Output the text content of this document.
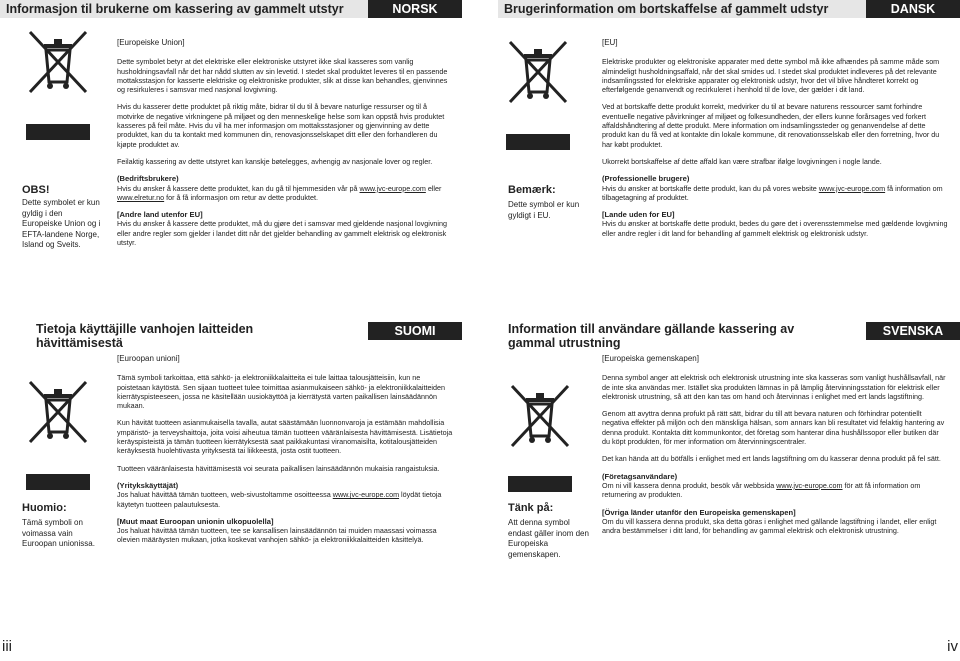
Informasjon til brukerne om kassering av gammelt utstyr	NORSK
OBS!
Dette symbolet er kun gyldig i den Europeiske Union og i EFTA-landene Norge, Island og Sveits.
[Europeiske Union]

Dette symbolet betyr at det elektriske eller elektroniske utstyret ikke skal kasseres som vanlig husholdningsavfall når det har nådd slutten av sin levetid. I stedet skal produktet leveres til en passende mottaksstasjon for kasserte elektriske og elektroniske produkter, slik at disse kan behandles, gjenvinnes og resirkuleres i samsvar med nasjonal lovgivning.

Hvis du kasserer dette produktet på riktig måte, bidrar til du til å bevare naturlige ressurser og til å motvirke de negative virkningene på miljøet og den menneskelige helse som kan oppstå hvis produktet kasseres på feil måte. Hvis du vil ha mer informasjon om mottaksstasjoner og gjenvinning av dette produktet, kan du ta kontakt med kommunen din, renovasjonsselskapet ditt eller den forhandleren du kjøpte produktet av.

Feilaktig kassering av dette utstyret kan kanskje bøtelegges, avhengig av nasjonale lover og regler.

(Bedriftsbrukere)

Hvis du ønsker å kassere dette produktet, kan du gå til hjemmesiden vår på www.jvc-europe.com eller www.elretur.no for å få informasjon om retur av dette produktet.

[Andre land utenfor EU]

Hvis du ønsker å kassere dette produktet, må du gjøre det i samsvar med gjeldende nasjonal lovgivning eller andre regler som gjelder i landet ditt når det gjelder behandling av gammelt elektrisk og elektronisk utstyr.

Brugerinformation om bortskaffelse af gammelt udstyr	DANSK
Bemærk:
Dette symbol er kun gyldigt i EU.
[EU]

Elektriske produkter og elektroniske apparater med dette symbol må ikke afhændes på samme måde som almindeligt husholdningsaffald, når det skal smides ud. I stedet skal produktet indleveres på det relevante indsamlingssted for elektriske apparater og elektronisk udstyr, hvor det vil blive håndteret korrekt og efterfølgende genanvendt og recirkuleret i henhold til de love, der gælder i dit land.

Ved at bortskaffe dette produkt korrekt, medvirker du til at bevare naturens ressourcer samt forhindre eventuelle negative påvirkninger af miljøet og folkesundheden, der ellers kunne forårsages ved forkert affaldshåndtering af dette produkt. Mere information om indsamlingssteder og genanvendelse af dette produkt kan du få ved at kontakte din lokale kommune, dit renovationsselskab eller den forretning, hvor du har købt produktet.

Ukorrekt bortskaffelse af dette affald kan være strafbar ifølge lovgivningen i nogle lande.

(Professionelle brugere)

Hvis du ønsker at bortskaffe dette produkt, kan du på vores website www.jvc-europe.com få information om tilbagetagning af produktet.

[Lande uden for EU]

Hvis du ønsker at bortskaffe dette produkt, bedes du gøre det i overensstemmelse med gældende lovgivning eller andre regler i dit land for behandling af gammelt elektrisk og elektronisk udstyr.

Tietoja käyttäjille vanhojen laitteiden hävittämisestä
SUOMI
Huomio:
Tämä symboli on voimassa vain Euroopan unionissa.
[Euroopan unioni]

Tämä symboli tarkoittaa, että sähkö- ja elektroniikkalaitteita ei tule laittaa talousjätteisiin, kun ne poistetaan käytöstä. Sen sijaan tuotteet tulee toimittaa asianmukaiseen sähkö- ja elektroniikkalaitteiden kierrätyspisteeseen, jossa ne käsitellään uusiokäyttöä ja kierrätystä varten paikallisen lainsäädännön mukaan.

Kun hävität tuotteen asianmukaisella tavalla, autat säästämään luonnonvaroja ja estämään mahdollisia ympäristö- ja terveyshaittoja, joita voisi aiheutua tämän tuotteen vääränlaisesta hävittämisestä. Lisätietoja keräyspisteistä ja tämän tuotteen kierrätyksestä saat paikkakuntasi viranomaisilta, kotitalousjätteiden keräyksestä huolehtivasta yrityksestä tai liikkeestä, josta ostit tuotteen.

Tuotteen vääränlaisesta hävittämisestä voi seurata paikallisen lainsäädännön mukaisia rangaistuksia.

(Yritykskäyttäjät)

Jos haluat hävittää tämän tuotteen, web-sivustoltamme osoitteessa www.jvc-europe.com löydät tietoja käytetyn tuotteen palautuksesta.

[Muut maat Euroopan unionin ulkopuolella]

Jos haluat hävittää tämän tuotteen, tee se kansallisen lainsäädännön tai muiden maassasi voimassa olevien määräysten mukaan, jotka koskevat vanhojen sähkö- ja elektroniikkalaitteiden käsittelyä.

Information till användare gällande kassering av gammal utrustning
SVENSKA
Tänk på:
Att denna symbol endast gäller inom den Europeiska gemenskapen.
[Europeiska gemenskapen]

Denna symbol anger att elektrisk och elektronisk utrustning inte ska kasseras som vanligt hushållsavfall, när de inte ska användas mer. Istället ska produkten lämnas in på lämplig återvinningsstation för elektrisk eller elektronisk utrustning, så att den kan tas om hand och återvinnas i enlighet med ert lands lagstiftning.

Genom att avyttra denna profukt på rätt sätt, bidrar du till att bevara naturen och förhindrar potentiellt negativa effekter på miljön och den mänskliga hälsan, som annars kan bli resultatet vid felaktig hantering av denna produkt. Kontakta ditt kommunkontor, det företag som hanterar dina hushållssopor eller butiken där du köpt produkten, för mer information om återvinningscentraler.

Det kan hända att du bötfälls i enlighet med ert lands lagstiftning om du kasserar denna produkt på fel sätt.

(Företagsanvändare)

Om ni vill kassera denna produkt, besök vår webbsida www.jvc-europe.com för att få information om returnering av produkten.

[Övriga länder utanför den Europeiska gemenskapen]

Om du vill kassera denna produkt, ska detta göras i enlighet med gällande lagstiftning i landet, eller enligt andra bestämmelser i ditt land, för behandling av gammal elektrisk och elektronisk utrustning.

iii	iv
